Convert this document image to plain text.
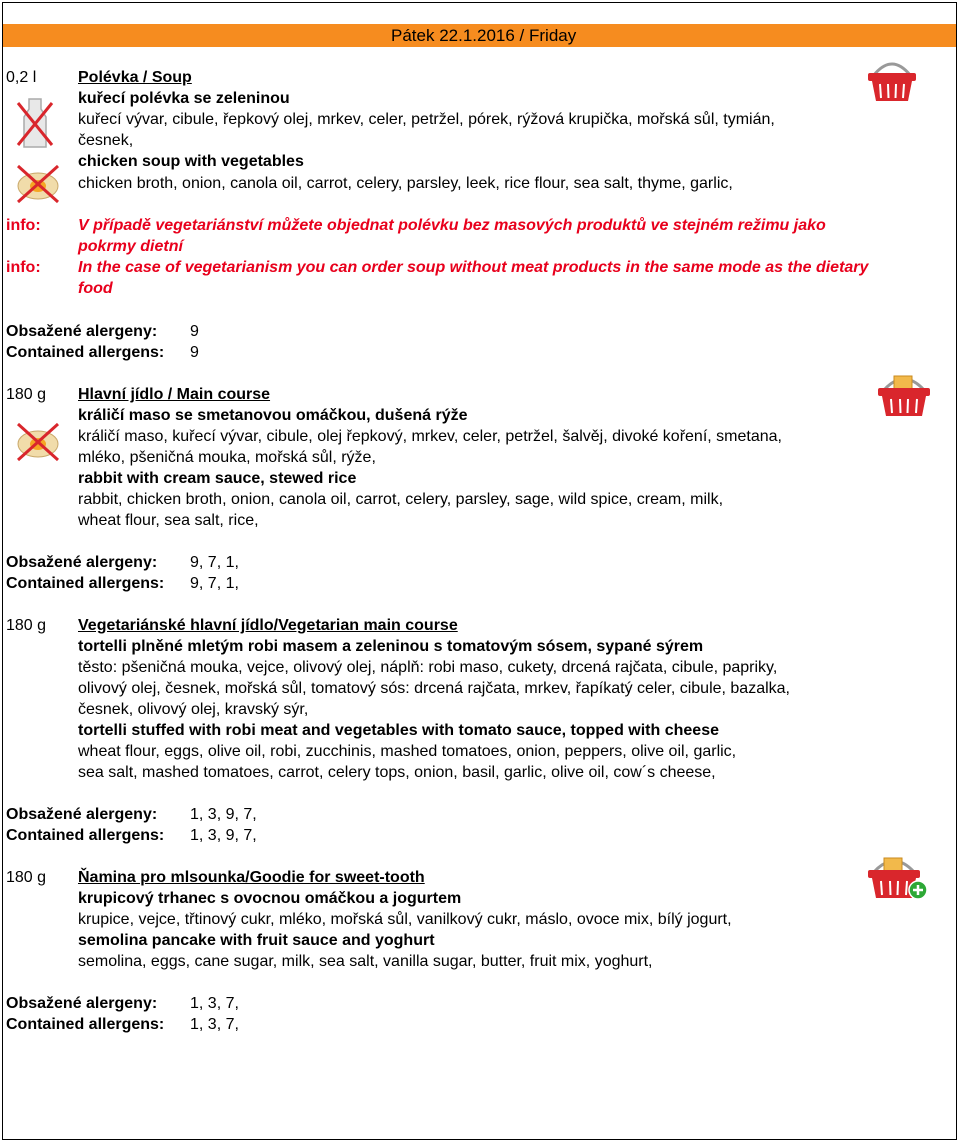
Pátek 22.1.2016 / Friday
0,2 l	Polévka / Soup
kuřecí polévka se zeleninou
kuřecí vývar, cibule, řepkový olej, mrkev, celer, petržel, pórek, rýžová krupička, mořská sůl, tymián,
česnek,
chicken soup with vegetables
chicken broth, onion, canola oil, carrot, celery, parsley, leek, rice flour, sea salt, thyme, garlic,
info: V případě vegetariánství můžete objednat polévku bez masových produktů ve stejném režimu jako
pokrmy dietní
info: In the case of vegetarianism you can order soup without meat products in the same mode as the dietary
food
Obsažené alergeny: 9
Contained allergens: 9
180 g Hlavní jídlo / Main course
králičí maso se smetanovou omáčkou, dušená rýže
králičí maso, kuřecí vývar, cibule, olej řepkový, mrkev, celer, petržel, šalvěj, divoké koření, smetana,
mléko, pšeničná mouka, mořská sůl, rýže,
rabbit with cream sauce, stewed rice
rabbit, chicken broth, onion, canola oil, carrot, celery, parsley, sage, wild spice, cream, milk,
wheat flour, sea salt, rice,
Obsažené alergeny: 9, 7, 1,
Contained allergens: 9, 7, 1,
180 g Vegetariánské hlavní jídlo/Vegetarian main course
tortelli plněné mletým robi masem a zeleninou s tomatovým sósem, sypané sýrem
těsto: pšeničná mouka, vejce, olivový olej, náplň: robi maso, cukety, drcená rajčata, cibule, papriky,
olivový olej, česnek, mořská sůl, tomatový sós: drcená rajčata, mrkev, řapíkatý celer, cibule, bazalka,
česnek, olivový olej, kravský sýr,
tortelli stuffed with robi meat and vegetables with tomato sauce, topped with cheese
wheat flour, eggs, olive oil, robi, zucchinis, mashed tomatoes, onion, peppers, olive oil, garlic,
sea salt, mashed tomatoes, carrot, celery tops, onion, basil, garlic, olive oil, cow´s cheese,
Obsažené alergeny: 1, 3, 9, 7,
Contained allergens: 1, 3, 9, 7,
180 g Ňamina pro mlsounka/Goodie for sweet-tooth
krupicový trhanec s ovocnou omáčkou a jogurtem
krupice, vejce, třtinový cukr, mléko, mořská sůl, vanilkový cukr, máslo, ovoce mix, bílý jogurt,
semolina pancake with fruit sauce and yoghurt
semolina, eggs, cane sugar, milk, sea salt, vanilla sugar, butter, fruit mix, yoghurt,
Obsažené alergeny: 1, 3, 7,
Contained allergens: 1, 3, 7,
